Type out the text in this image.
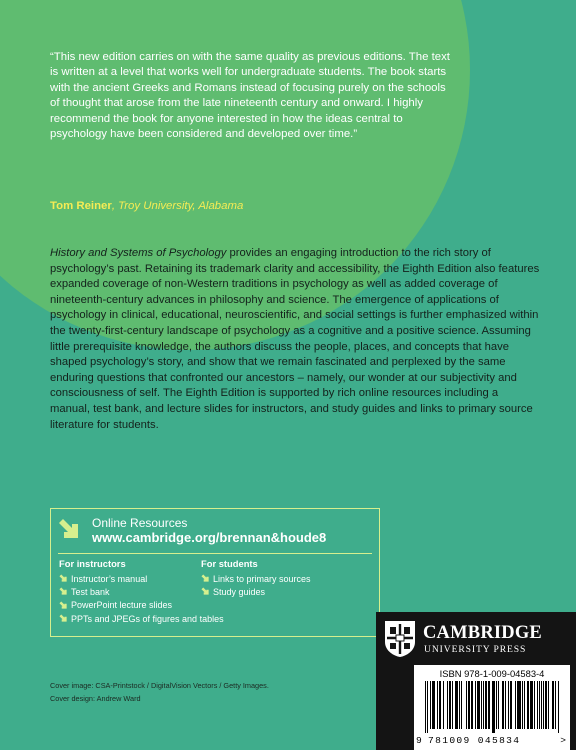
“This new edition carries on with the same quality as previous editions. The text is written at a level that works well for undergraduate students. The book starts with the ancient Greeks and Romans instead of focusing purely on the schools of thought that arose from the late nineteenth century and onward. I highly recommend the book for anyone interested in how the ideas central to psychology have been considered and developed over time.”

Tom Reiner, Troy University, Alabama

History and Systems of Psychology provides an engaging introduction to the rich story of psychology’s past. Retaining its trademark clarity and accessibility, the Eighth Edition also features expanded coverage of non-Western traditions in psychology as well as added coverage of nineteenth-century advances in philosophy and science. The emergence of applications of psychology in clinical, educational, neuroscientific, and social settings is further emphasized within the twenty-first-century landscape of psychology as a cognitive and a positive science. Assuming little prerequisite knowledge, the authors discuss the people, places, and concepts that have shaped psychology’s story, and show that we remain fascinated and perplexed by the same enduring questions that confronted our ancestors – namely, our wonder at our subjectivity and consciousness of self. The Eighth Edition is supported by rich online resources including a manual, test bank, and lecture slides for instructors, and study guides and links to primary source literature for students.

Online Resources
www.cambridge.org/brennan&houde8
For instructors
Instructor’s manual
Test bank
PowerPoint lecture slides
PPTs and JPEGs of figures and tables
For students
Links to primary sources
Study guides
Cover image: CSA-Printstock / DigitalVision Vectors / Getty Images.
Cover design: Andrew Ward
CAMBRIDGE
UNIVERSITY PRESS
ISBN 978-1-009-04583-4
9 781009 045834	>
